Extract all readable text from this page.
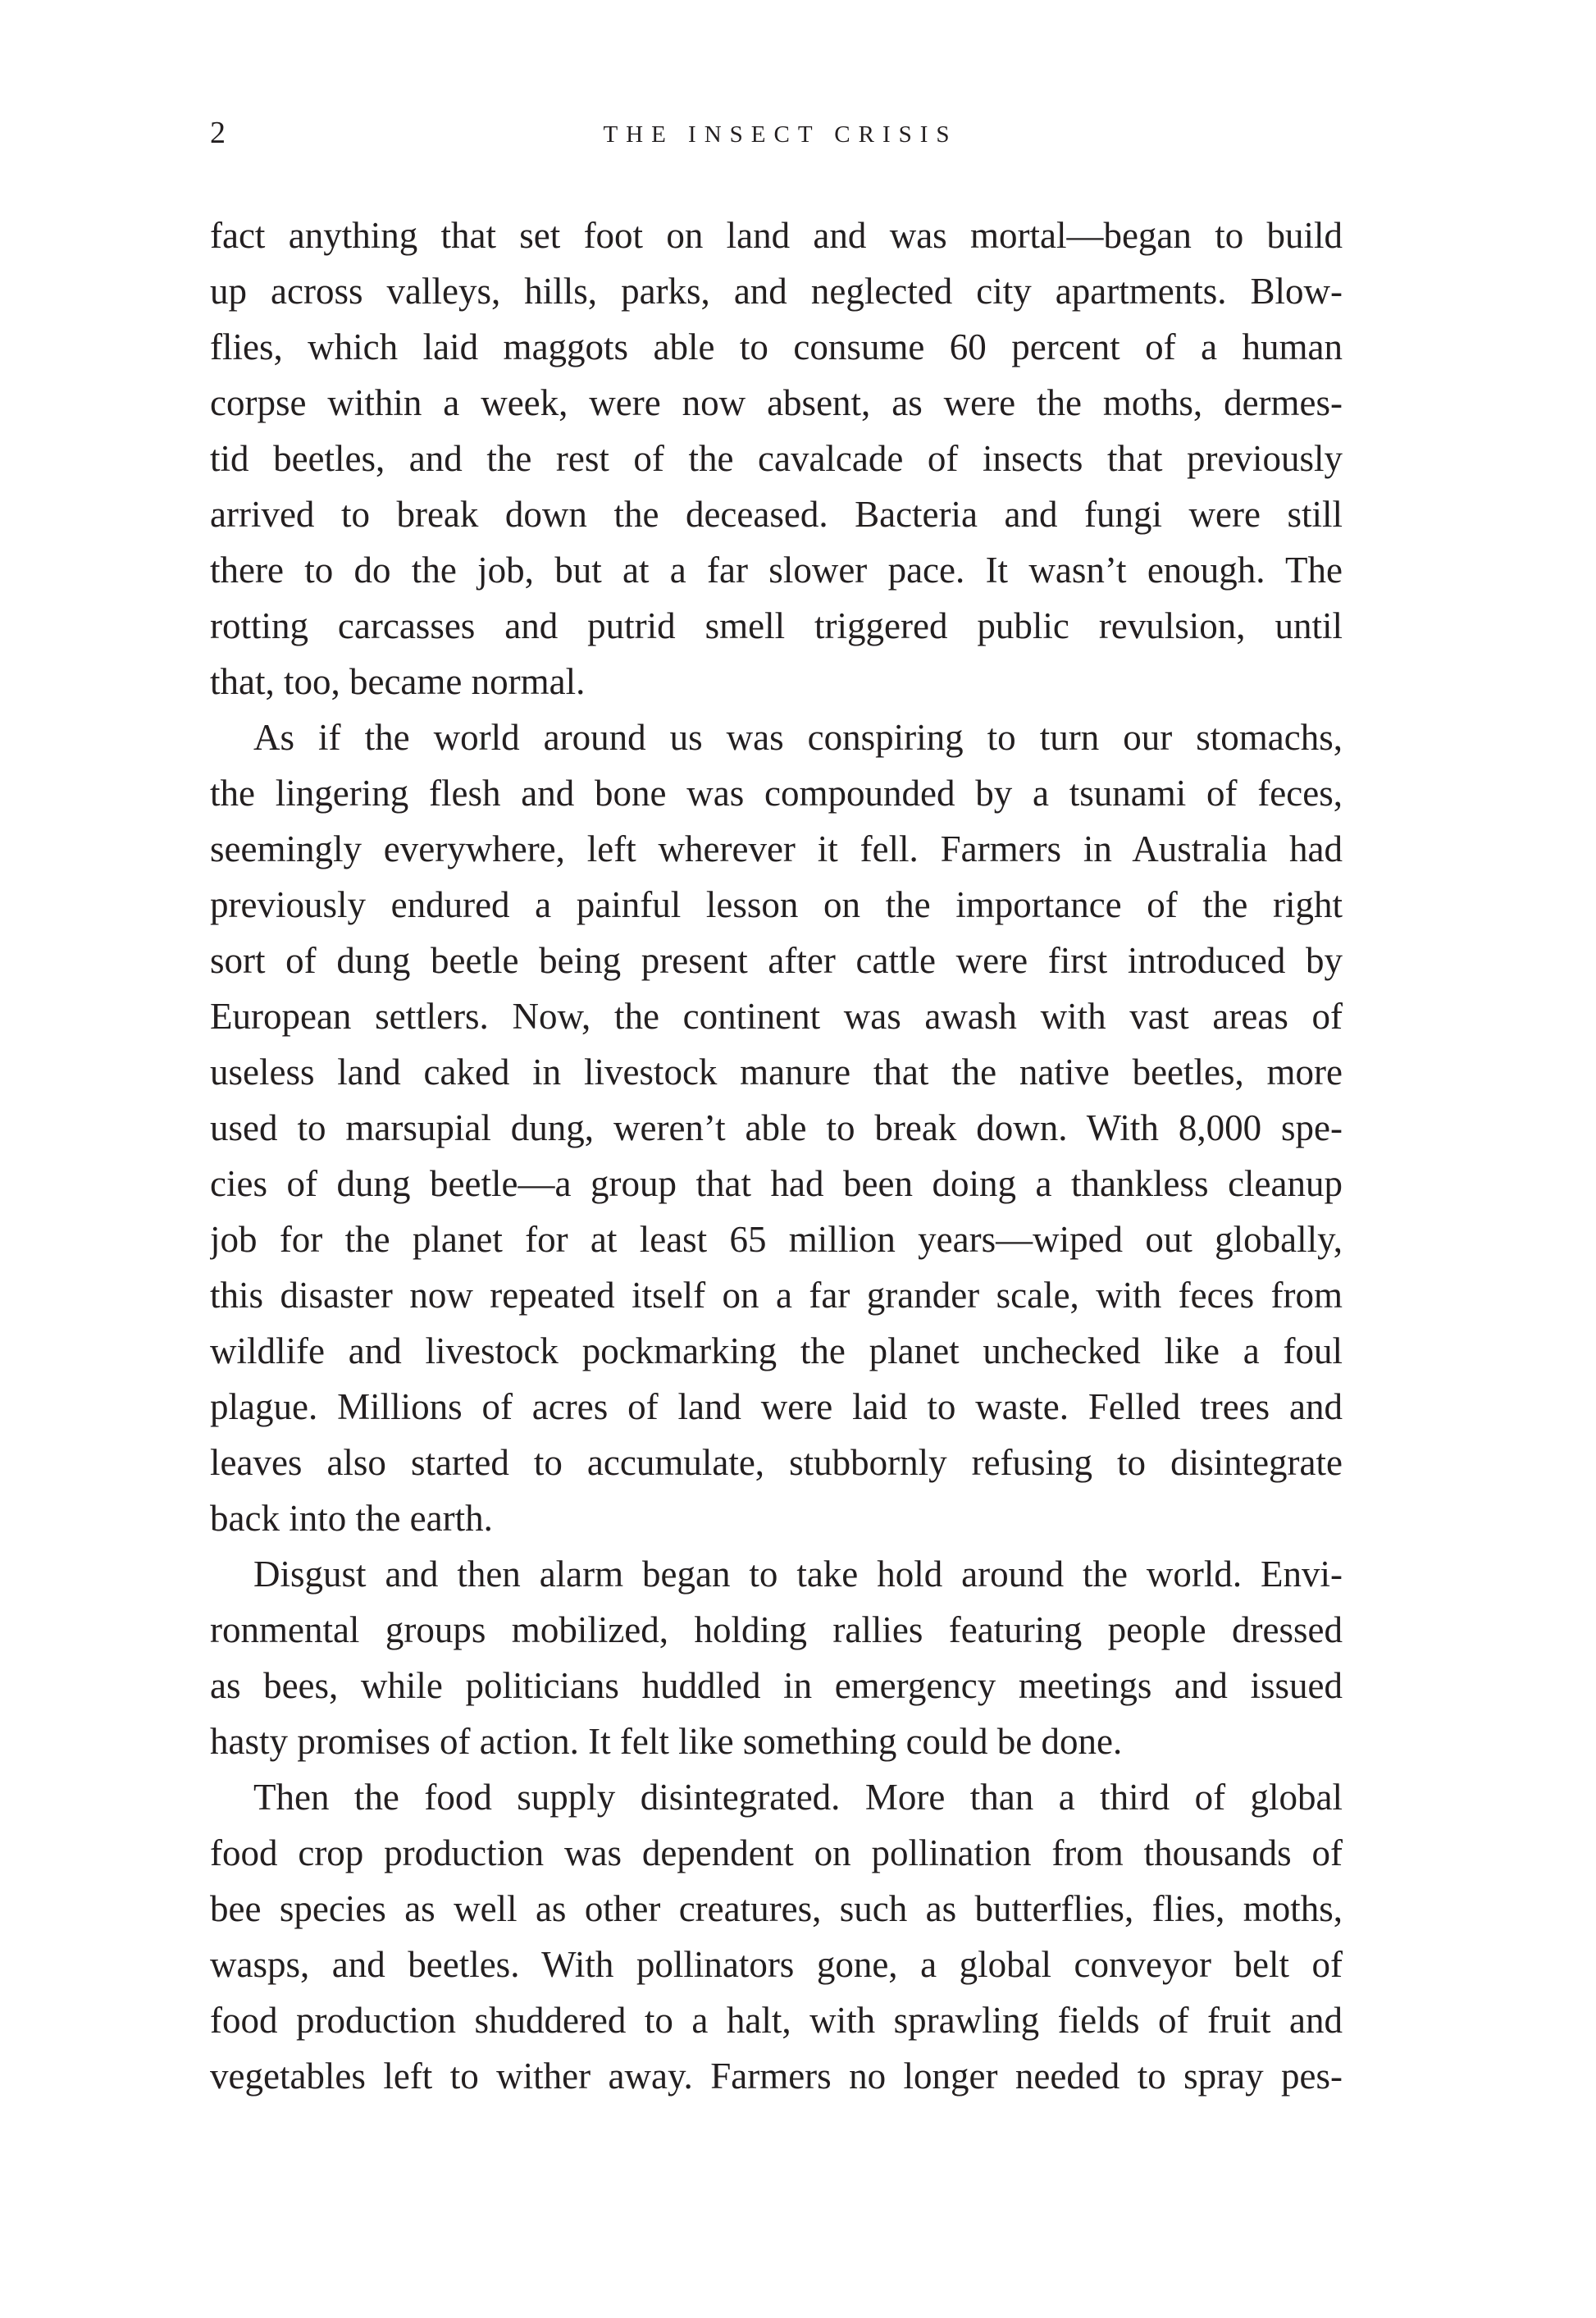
2	THE INSECT CRISIS
fact anything that set foot on land and was mortal—began to build
up across valleys, hills, parks, and neglected city apartments. Blow-
flies, which laid maggots able to consume 60 percent of a human
corpse within a week, were now absent, as were the moths, dermes-
tid beetles, and the rest of the cavalcade of insects that previously
arrived to break down the deceased. Bacteria and fungi were still
there to do the job, but at a far slower pace. It wasn’t enough. The
rotting carcasses and putrid smell triggered public revulsion, until
that, too, became normal.
As if the world around us was conspiring to turn our stomachs,
the lingering flesh and bone was compounded by a tsunami of feces,
seemingly everywhere, left wherever it fell. Farmers in Australia had
previously endured a painful lesson on the importance of the right
sort of dung beetle being present after cattle were first introduced by
European settlers. Now, the continent was awash with vast areas of
useless land caked in livestock manure that the native beetles, more
used to marsupial dung, weren’t able to break down. With 8,000 spe-
cies of dung beetle—a group that had been doing a thankless cleanup
job for the planet for at least 65 million years—wiped out globally,
this disaster now repeated itself on a far grander scale, with feces from
wildlife and livestock pockmarking the planet unchecked like a foul
plague. Millions of acres of land were laid to waste. Felled trees and
leaves also started to accumulate, stubbornly refusing to disintegrate
back into the earth.
Disgust and then alarm began to take hold around the world. Envi-
ronmental groups mobilized, holding rallies featuring people dressed
as bees, while politicians huddled in emergency meetings and issued
hasty promises of action. It felt like something could be done.
Then the food supply disintegrated. More than a third of global
food crop production was dependent on pollination from thousands of
bee species as well as other creatures, such as butterflies, flies, moths,
wasps, and beetles. With pollinators gone, a global conveyor belt of
food production shuddered to a halt, with sprawling fields of fruit and
vegetables left to wither away. Farmers no longer needed to spray pes-
